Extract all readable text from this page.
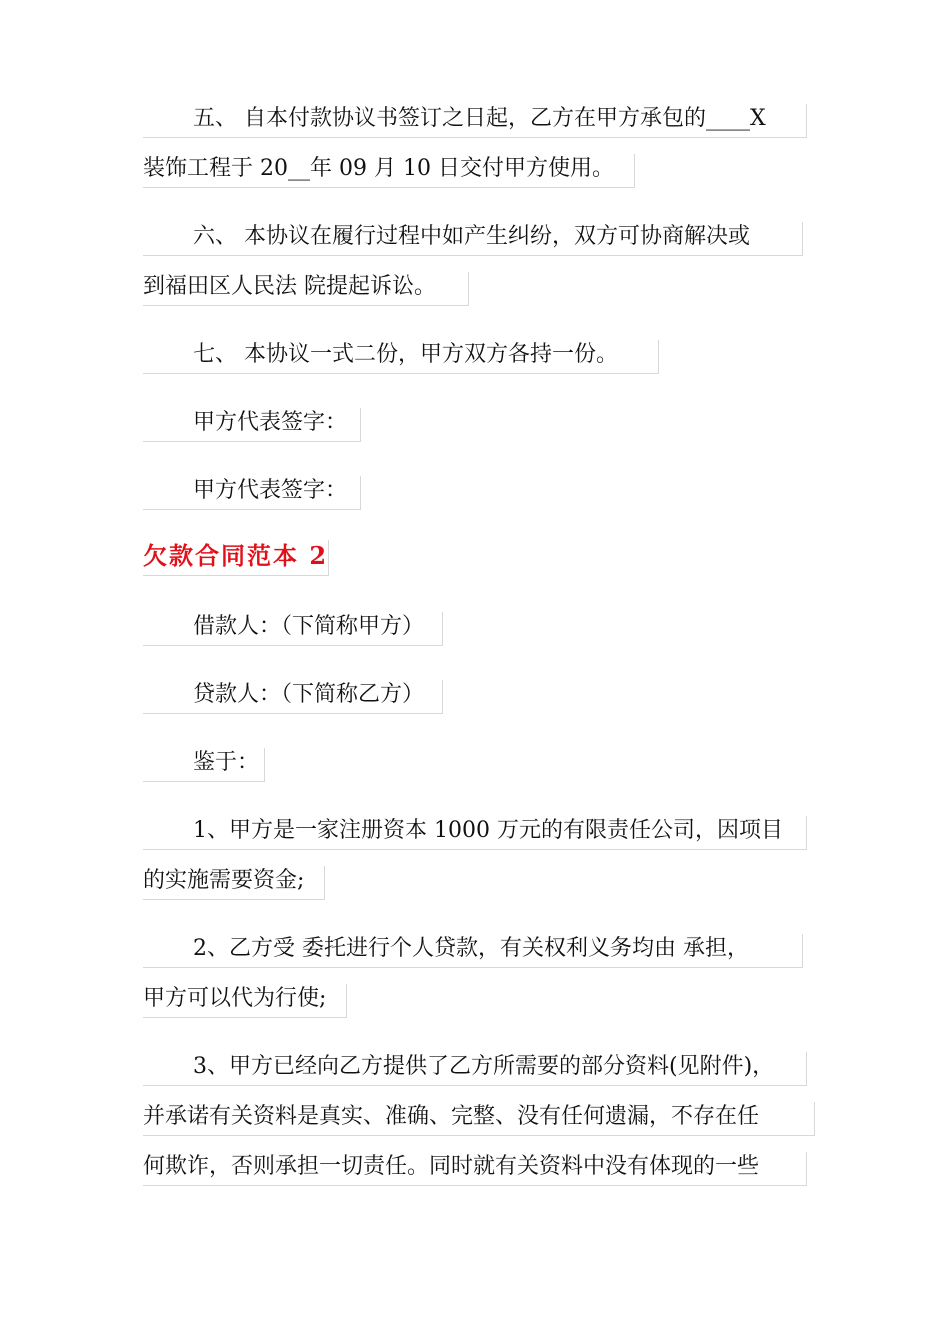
五、 自本付款协议书签订之日起，乙方在甲方承包的____X
装饰工程于 20__年 09 月 10 日交付甲方使用。
六、 本协议在履行过程中如产生纠纷，双方可协商解决或
到福田区人民法 院提起诉讼。
七、 本协议一式二份，甲方双方各持一份。
甲方代表签字：
甲方代表签字：
欠款合同范本 2
借款人：（下简称甲方）
贷款人：（下简称乙方）
鉴于：
1、甲方是一家注册资本 1000 万元的有限责任公司，因项目
的实施需要资金;
2、乙方受 委托进行个人贷款，有关权利义务均由 承担，
甲方可以代为行使;
3、甲方已经向乙方提供了乙方所需要的部分资料(见附件)，
并承诺有关资料是真实、准确、完整、没有任何遗漏，不存在任
何欺诈，否则承担一切责任。同时就有关资料中没有体现的一些
